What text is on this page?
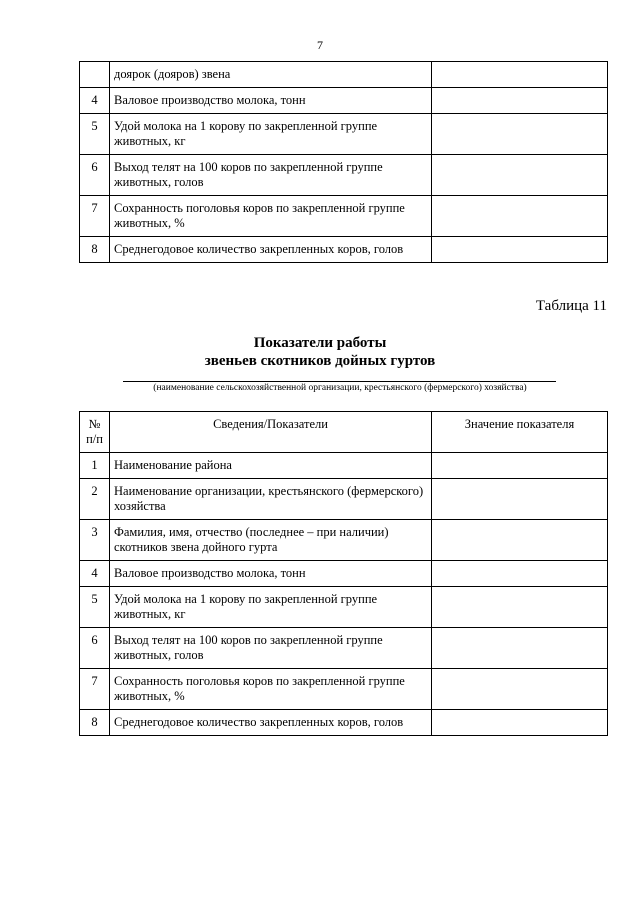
7
	доярок (дояров) звена	
4	Валовое производство молока, тонн	
5	Удой молока на 1 корову по закрепленной группе животных, кг	
6	Выход телят на 100 коров по закрепленной группе животных, голов	
7	Сохранность поголовья коров по закрепленной группе животных, %	
8	Среднегодовое количество закрепленных коров, голов	
Таблица 11
Показатели работы
звеньев скотников дойных гуртов
(наименование сельскохозяйственной организации, крестьянского (фермерского) хозяйства)
№ п/п	Сведения/Показатели	Значение показателя
1	Наименование района	
2	Наименование организации, крестьянского (фермерского) хозяйства	
3	Фамилия, имя, отчество (последнее – при наличии) скотников звена дойного гурта	
4	Валовое производство молока, тонн	
5	Удой молока на 1 корову по закрепленной группе животных, кг	
6	Выход телят на 100 коров по закрепленной группе животных, голов	
7	Сохранность поголовья коров по закрепленной группе животных, %	
8	Среднегодовое количество закрепленных коров, голов	
